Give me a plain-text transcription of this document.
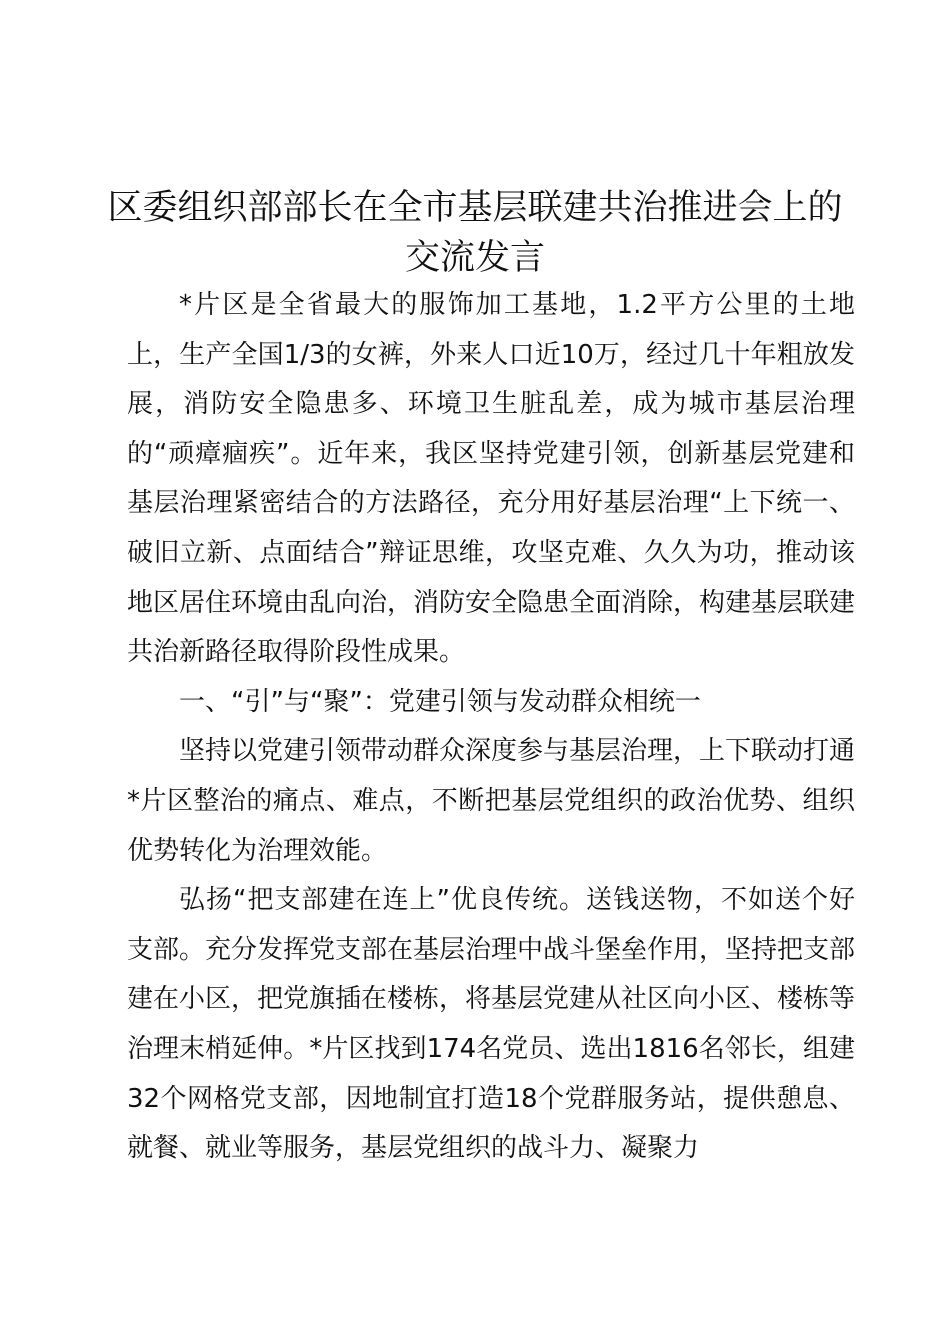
区委组织部部长在全市基层联建共治推进会上的交流发言

*片区是全省最大的服饰加工基地，1.2平方公里的土地上，生产全国1/3的女裤，外来人口近10万，经过几十年粗放发展，消防安全隐患多、环境卫生脏乱差，成为城市基层治理的“顽瘴痼疾”。近年来，我区坚持党建引领，创新基层党建和基层治理紧密结合的方法路径，充分用好基层治理“上下统一、破旧立新、点面结合”辩证思维，攻坚克难、久久为功，推动该地区居住环境由乱向治，消防安全隐患全面消除，构建基层联建共治新路径取得阶段性成果。

一、“引”与“聚”：党建引领与发动群众相统一

坚持以党建引领带动群众深度参与基层治理，上下联动打通*片区整治的痛点、难点，不断把基层党组织的政治优势、组织优势转化为治理效能。

弘扬“把支部建在连上”优良传统。送钱送物，不如送个好支部。充分发挥党支部在基层治理中战斗堡垒作用，坚持把支部建在小区，把党旗插在楼栋，将基层党建从社区向小区、楼栋等治理末梢延伸。*片区找到174名党员、选出1816名邻长，组建32个网格党支部，因地制宜打造18个党群服务站，提供憩息、就餐、就业等服务，基层党组织的战斗力、凝聚力
